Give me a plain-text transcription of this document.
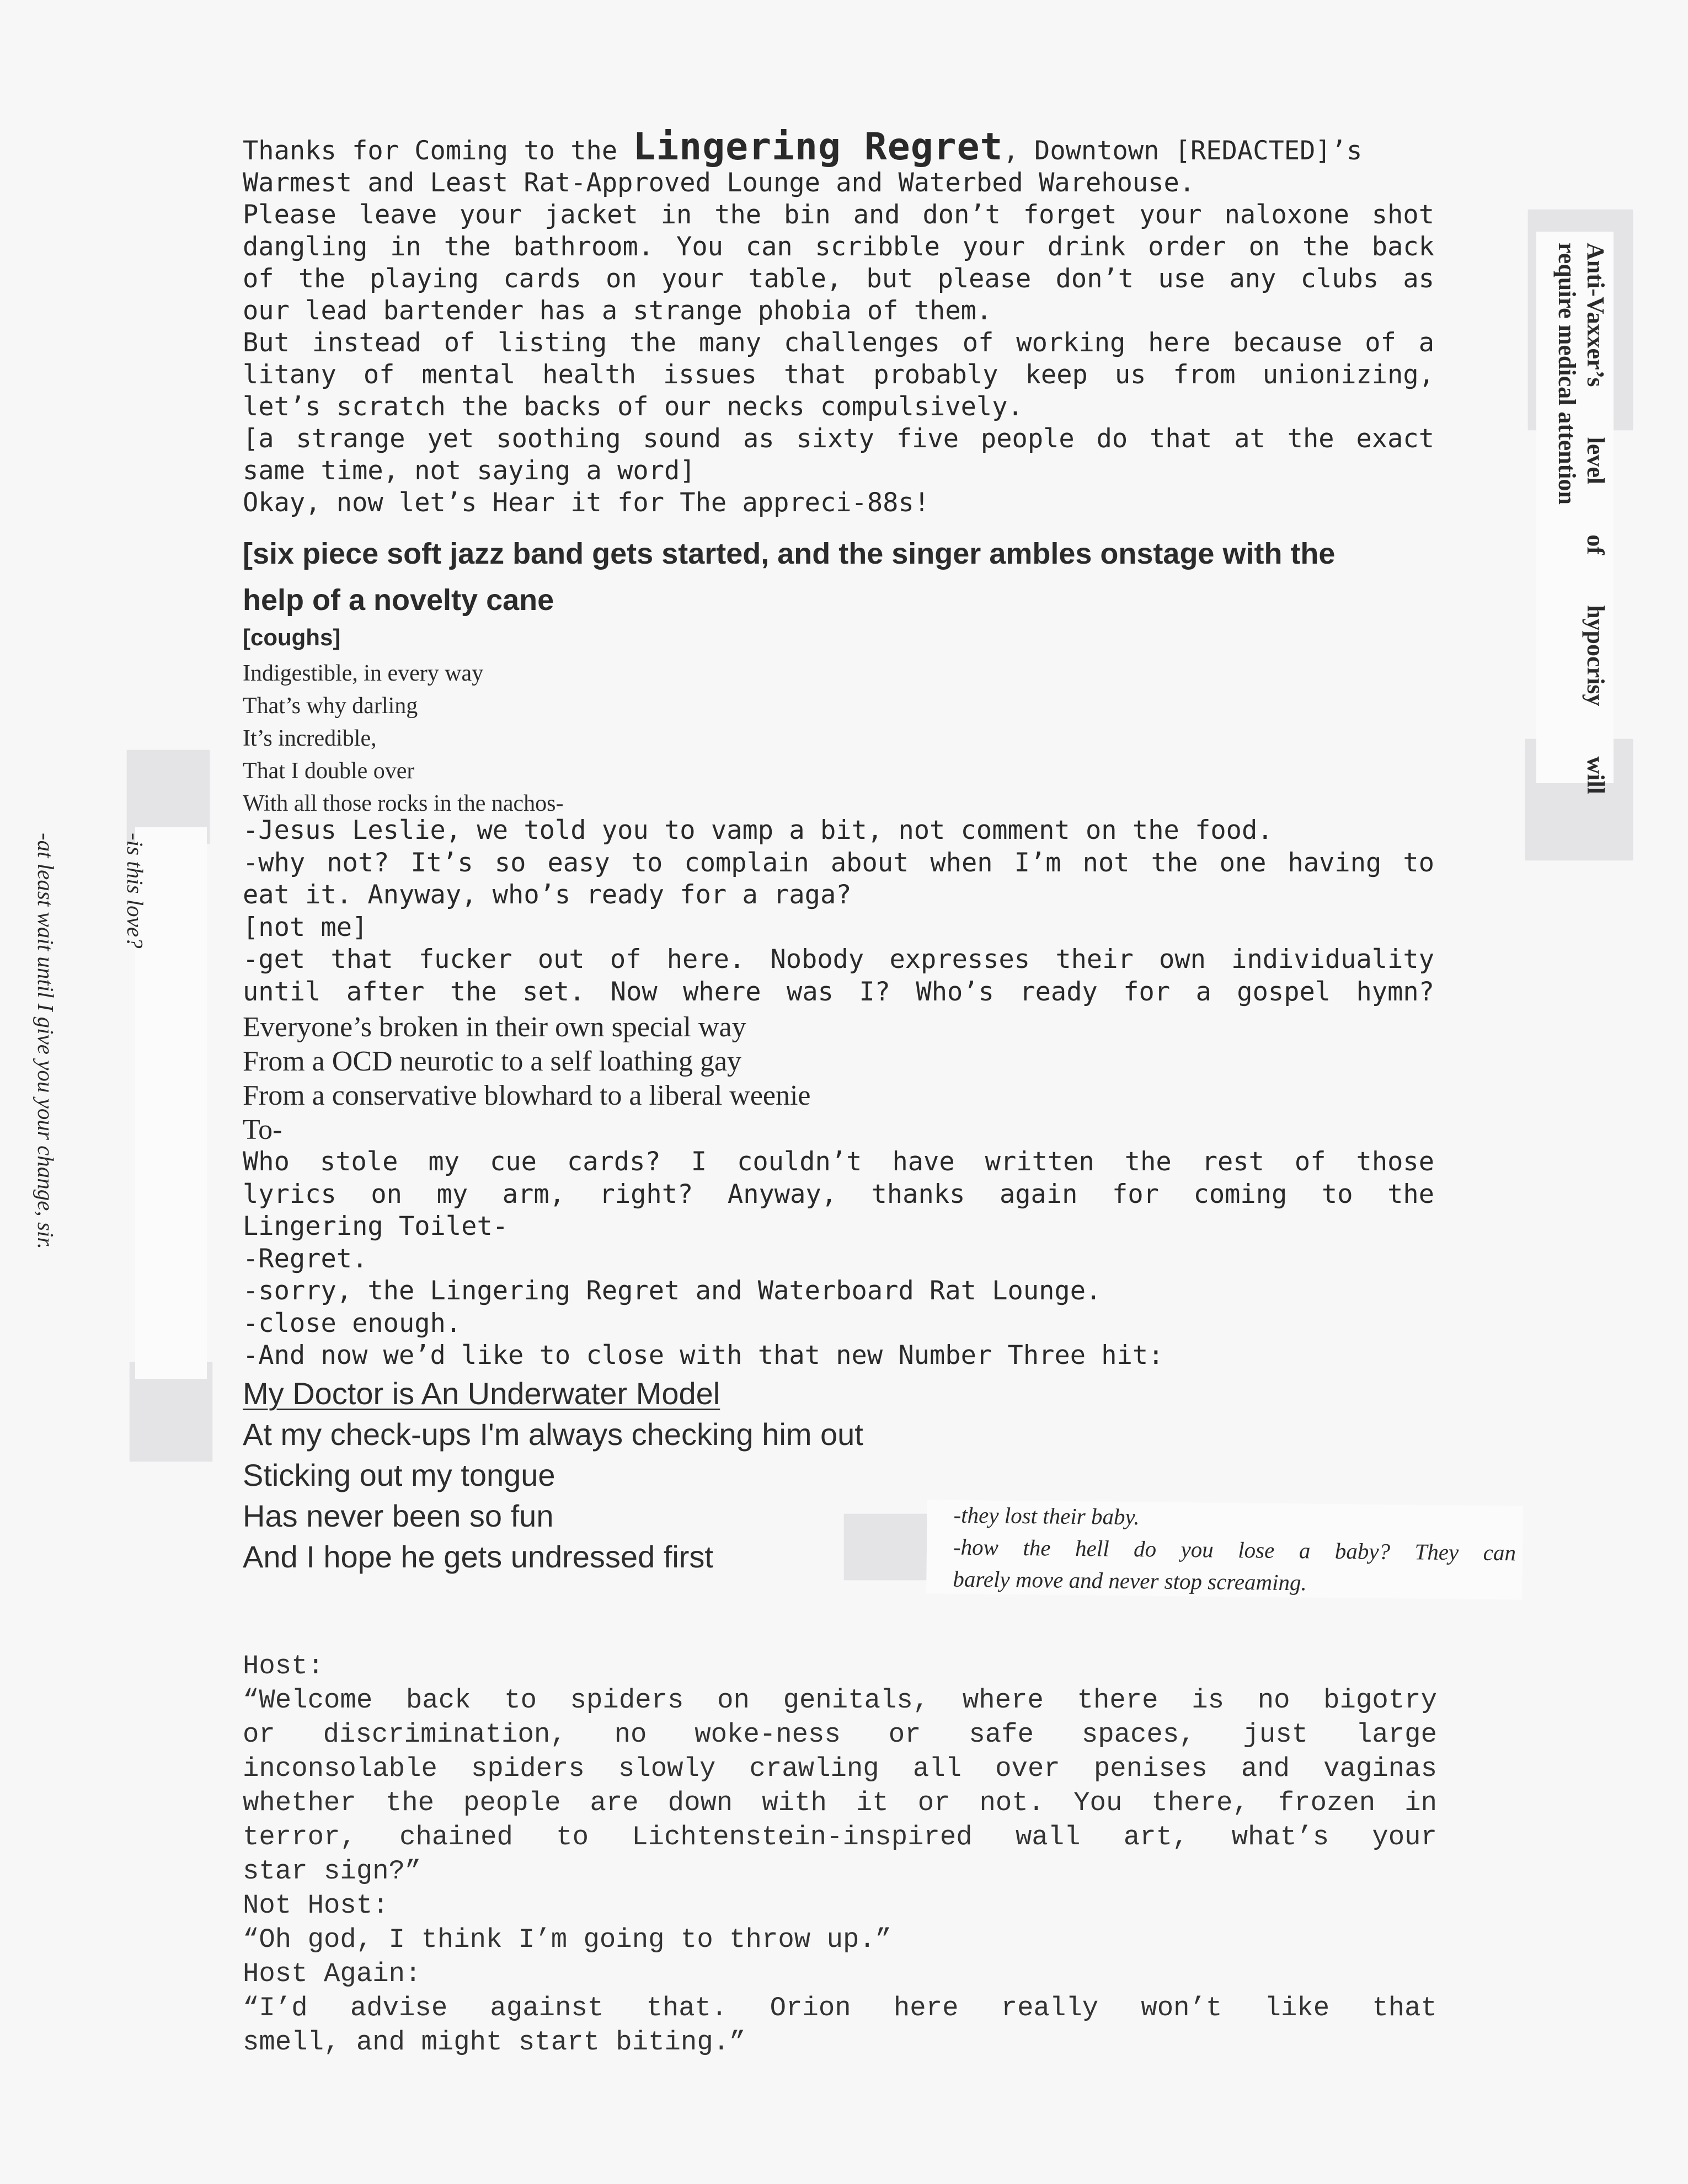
Thanks for Coming to the Lingering Regret, Downtown [REDACTED]’s
Warmest and Least Rat-Approved Lounge and Waterbed Warehouse.
Please leave your jacket in the bin and don’t forget your naloxone shot
dangling in the bathroom. You can scribble your drink order on the back
of the playing cards on your table, but please don’t use any clubs as
our lead bartender has a strange phobia of them.
But instead of listing the many challenges of working here because of a
litany of mental health issues that probably keep us from unionizing,
let’s scratch the backs of our necks compulsively.
[a strange yet soothing sound as sixty five people do that at the exact
same time, not saying a word]
Okay, now let’s Hear it for The appreci-88s!
[six piece soft jazz band gets started, and the singer ambles onstage with the
help of a novelty cane
[coughs]
Indigestible, in every way
That’s why darling
It’s incredible,
That I double over
With all those rocks in the nachos-
-Jesus Leslie, we told you to vamp a bit, not comment on the food.
-why not? It’s so easy to complain about when I’m not the one having to
eat it. Anyway, who’s ready for a raga?
[not me]
-get that fucker out of here. Nobody expresses their own individuality
until after the set. Now where was I? Who’s ready for a gospel hymn?
Everyone’s broken in their own special way
From a OCD neurotic to a self loathing gay
From a conservative blowhard to a liberal weenie
To-
Who stole my cue cards? I couldn’t have written the rest of those
lyrics on my arm, right? Anyway, thanks again for coming to the
Lingering Toilet-
-Regret.
-sorry, the Lingering Regret and Waterboard Rat Lounge.
-close enough.
-And now we’d like to close with that new Number Three hit:
My Doctor is An Underwater Model
At my check-ups I'm always checking him out
Sticking out my tongue
Has never been so fun
And I hope he gets undressed first
Host:
“Welcome back to spiders on genitals, where there is no bigotry
or discrimination, no woke-ness or safe spaces, just large
inconsolable spiders slowly crawling all over penises and vaginas
whether the people are down with it or not. You there, frozen in
terror, chained to Lichtenstein-inspired wall art, what’s your
star sign?”
Not Host:
“Oh god, I think I’m going to throw up.”
Host Again:
“I’d advise against that. Orion here really won’t like that
smell, and might start biting.”
-they lost their baby.
-how the hell do you lose a baby? They can
barely move and never stop screaming.

-is this love?

-at least wait until I give you your change, sir.

Anti-Vaxxer’s level of hypocrisy will
require medical attention
